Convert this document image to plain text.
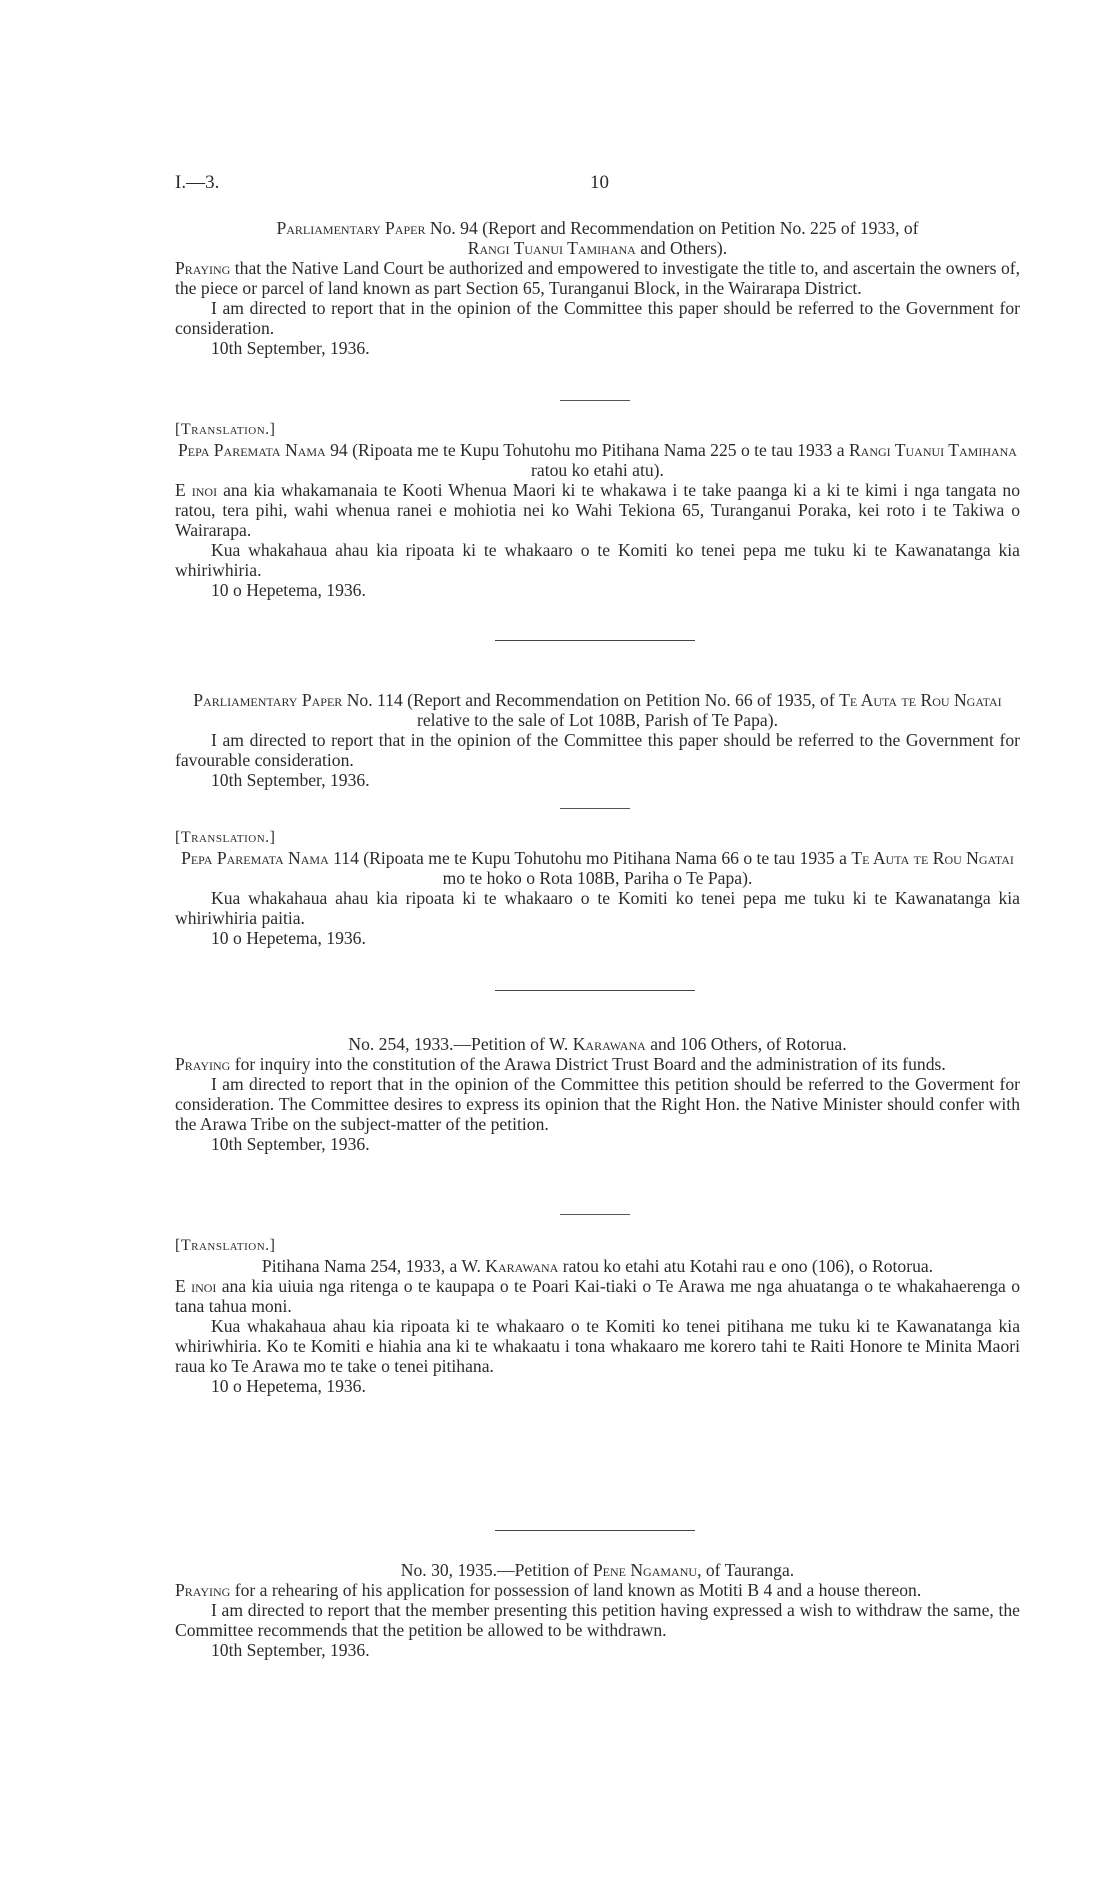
I.—3.	10

Parliamentary Paper No. 94 (Report and Recommendation on Petition No. 225 of 1933, of
Rangi Tuanui Tamihana and Others).

Praying that the Native Land Court be authorized and empowered to investigate the title to, and ascertain the owners of, the piece or parcel of land known as part Section 65, Turanganui Block, in the Wairarapa District.

I am directed to report that in the opinion of the Committee this paper should be referred to the Government for consideration.

10th September, 1936.

[Translation.]

Pepa Paremata Nama 94 (Ripoata me te Kupu Tohutohu mo Pitihana Nama 225 o te tau 1933 a Rangi Tuanui Tamihana ratou ko etahi atu).

E inoi ana kia whakamanaia te Kooti Whenua Maori ki te whakawa i te take paanga ki a ki te kimi i nga tangata no ratou, tera pihi, wahi whenua ranei e mohiotia nei ko Wahi Tekiona 65, Turanganui Poraka, kei roto i te Takiwa o Wairarapa.

Kua whakahaua ahau kia ripoata ki te whakaaro o te Komiti ko tenei pepa me tuku ki te Kawanatanga kia whiriwhiria.

10 o Hepetema, 1936.

Parliamentary Paper No. 114 (Report and Recommendation on Petition No. 66 of 1935, of Te Auta te Rou Ngatai relative to the sale of Lot 108B, Parish of Te Papa).

I am directed to report that in the opinion of the Committee this paper should be referred to the Government for favourable consideration.

10th September, 1936.

[Translation.]

Pepa Paremata Nama 114 (Ripoata me te Kupu Tohutohu mo Pitihana Nama 66 o te tau 1935 a Te Auta te Rou Ngatai mo te hoko o Rota 108B, Pariha o Te Papa).

Kua whakahaua ahau kia ripoata ki te whakaaro o te Komiti ko tenei pepa me tuku ki te Kawanatanga kia whiriwhiria paitia.

10 o Hepetema, 1936.

No. 254, 1933.—Petition of W. Karawana and 106 Others, of Rotorua.

Praying for inquiry into the constitution of the Arawa District Trust Board and the administration of its funds.

I am directed to report that in the opinion of the Committee this petition should be referred to the Goverment for consideration. The Committee desires to express its opinion that the Right Hon. the Native Minister should confer with the Arawa Tribe on the subject-matter of the petition.

10th September, 1936.

[Translation.]

Pitihana Nama 254, 1933, a W. Karawana ratou ko etahi atu Kotahi rau e ono (106), o Rotorua.

E inoi ana kia uiuia nga ritenga o te kaupapa o te Poari Kai-tiaki o Te Arawa me nga ahuatanga o te whakahaerenga o tana tahua moni.

Kua whakahaua ahau kia ripoata ki te whakaaro o te Komiti ko tenei pitihana me tuku ki te Kawanatanga kia whiriwhiria. Ko te Komiti e hiahia ana ki te whakaatu i tona whakaaro me korero tahi te Raiti Honore te Minita Maori raua ko Te Arawa mo te take o tenei pitihana.

10 o Hepetema, 1936.

No. 30, 1935.—Petition of Pene Ngamanu, of Tauranga.

Praying for a rehearing of his application for possession of land known as Motiti B 4 and a house thereon.

I am directed to report that the member presenting this petition having expressed a wish to withdraw the same, the Committee recommends that the petition be allowed to be withdrawn.

10th September, 1936.
